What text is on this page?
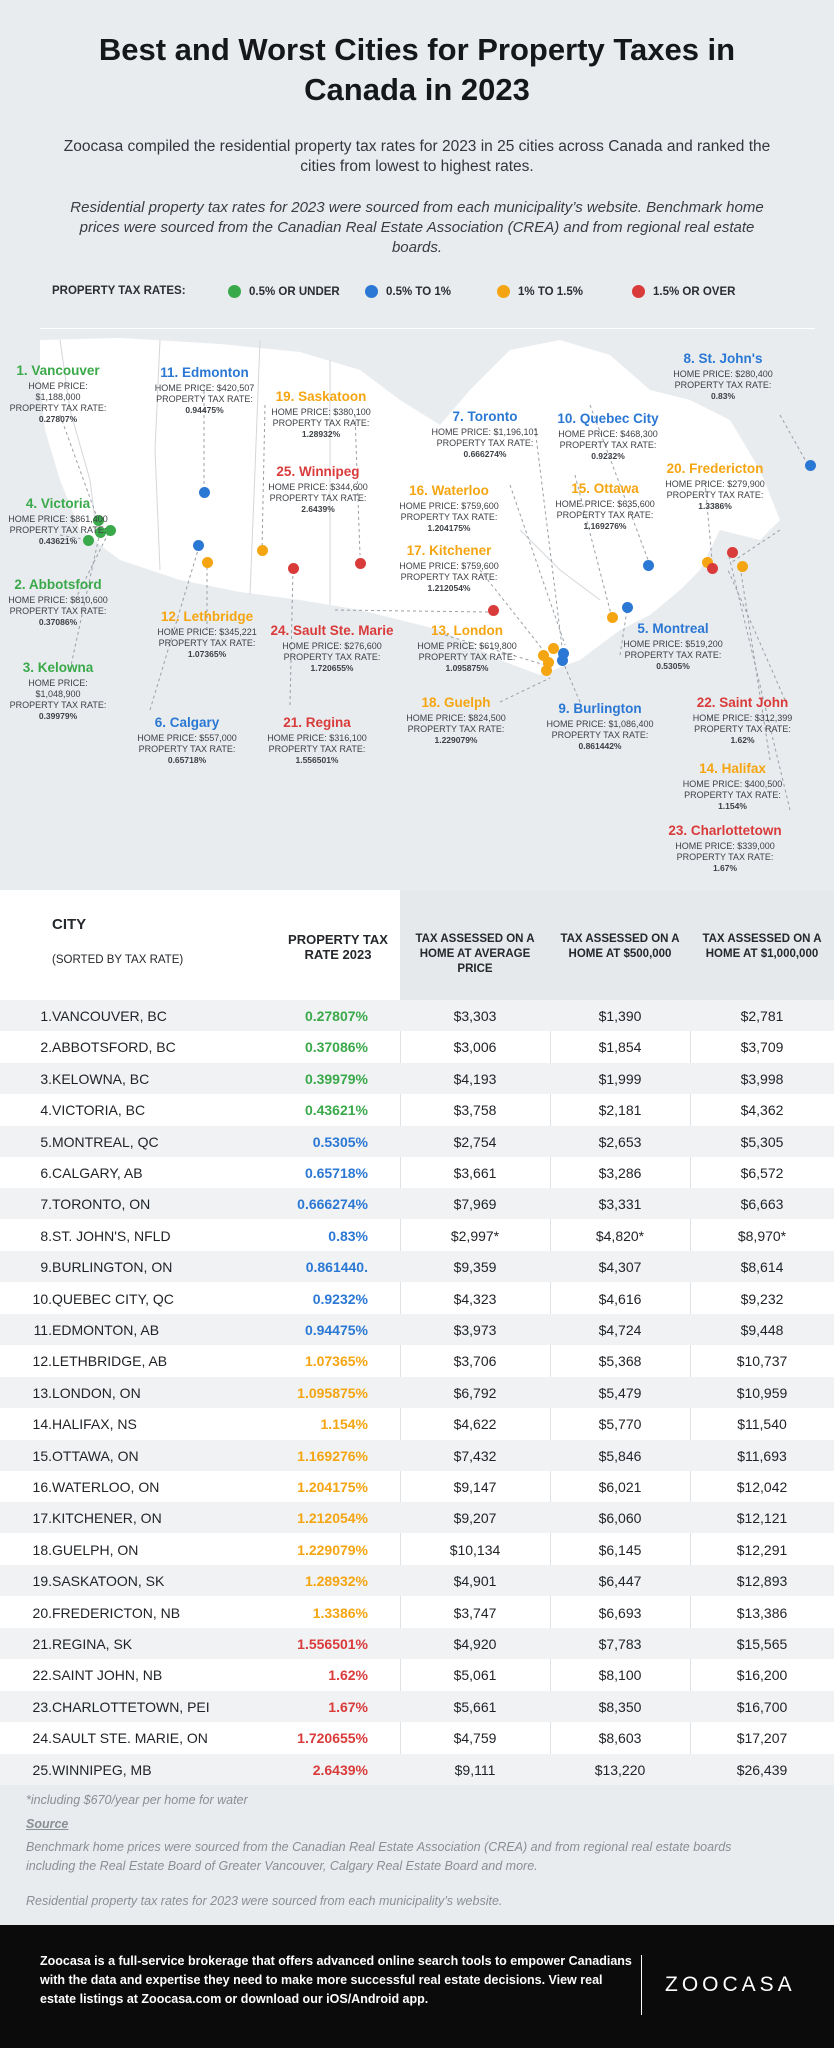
Best and Worst Cities for Property Taxes in Canada in 2023
Zoocasa compiled the residential property tax rates for 2023 in 25 cities across Canada and ranked the cities from lowest to highest rates.
Residential property tax rates for 2023 were sourced from each municipality’s website. Benchmark home prices were sourced from the Canadian Real Estate Association (CREA) and from regional real estate boards.
PROPERTY TAX RATES:	0.5% OR UNDER	0.5% TO 1%	1% TO 1.5%	1.5% OR OVER
1. Vancouver
HOME PRICE: $1,188,000
PROPERTY TAX RATE:
0.27807%
2. Abbotsford
HOME PRICE: $810,600
PROPERTY TAX RATE:
0.37086%
3. Kelowna
HOME PRICE: $1,048,900
PROPERTY TAX RATE:
0.39979%
4. Victoria
HOME PRICE: $861,400
PROPERTY TAX RATE:
0.43621%
5. Montreal
HOME PRICE: $519,200
PROPERTY TAX RATE:
0.5305%
6. Calgary
HOME PRICE: $557,000
PROPERTY TAX RATE:
0.65718%
7. Toronto
HOME PRICE: $1,196,101
PROPERTY TAX RATE:
0.666274%
8. St. John's
HOME PRICE: $280,400
PROPERTY TAX RATE:
0.83%
9. Burlington
HOME PRICE: $1,086,400
PROPERTY TAX RATE:
0.861442%
10. Quebec City
HOME PRICE: $468,300
PROPERTY TAX RATE:
0.9232%
11. Edmonton
HOME PRICE: $420,507
PROPERTY TAX RATE:
0.94475%
12. Lethbridge
HOME PRICE: $345,221
PROPERTY TAX RATE:
1.07365%
13. London
HOME PRICE: $619,800
PROPERTY TAX RATE:
1.095875%
14. Halifax
HOME PRICE: $400,500
PROPERTY TAX RATE:
1.154%
15. Ottawa
HOME PRICE: $635,600
PROPERTY TAX RATE:
1.169276%
16. Waterloo
HOME PRICE: $759,600
PROPERTY TAX RATE:
1.204175%
17. Kitchener
HOME PRICE: $759,600
PROPERTY TAX RATE:
1.212054%
18. Guelph
HOME PRICE: $824,500
PROPERTY TAX RATE:
1.229079%
19. Saskatoon
HOME PRICE: $380,100
PROPERTY TAX RATE:
1.28932%
20. Fredericton
HOME PRICE: $279,900
PROPERTY TAX RATE:
1.3386%
21. Regina
HOME PRICE: $316,100
PROPERTY TAX RATE:
1.556501%
22. Saint John
HOME PRICE: $312,399
PROPERTY TAX RATE:
1.62%
23. Charlottetown
HOME PRICE: $339,000
PROPERTY TAX RATE:
1.67%
24. Sault Ste. Marie
HOME PRICE: $276,600
PROPERTY TAX RATE:
1.720655%
25. Winnipeg
HOME PRICE: $344,600
PROPERTY TAX RATE:
2.6439%
CITY
(SORTED BY TAX RATE)
PROPERTY TAX RATE 2023
TAX ASSESSED ON A HOME AT AVERAGE PRICE
TAX ASSESSED ON A HOME AT $500,000
TAX ASSESSED ON A HOME AT $1,000,000
1. VANCOUVER, BC	0.27807%	$3,303	$1,390	$2,781
2. ABBOTSFORD, BC	0.37086%	$3,006	$1,854	$3,709
3. KELOWNA, BC	0.39979%	$4,193	$1,999	$3,998
4. VICTORIA, BC	0.43621%	$3,758	$2,181	$4,362
5. MONTREAL, QC	0.5305%	$2,754	$2,653	$5,305
6. CALGARY, AB	0.65718%	$3,661	$3,286	$6,572
7. TORONTO, ON	0.666274%	$7,969	$3,331	$6,663
8. ST. JOHN'S, NFLD	0.83%	$2,997*	$4,820*	$8,970*
9. BURLINGTON, ON	0.861440.	$9,359	$4,307	$8,614
10. QUEBEC CITY, QC	0.9232%	$4,323	$4,616	$9,232
11. EDMONTON, AB	0.94475%	$3,973	$4,724	$9,448
12. LETHBRIDGE, AB	1.07365%	$3,706	$5,368	$10,737
13. LONDON, ON	1.095875%	$6,792	$5,479	$10,959
14. HALIFAX, NS	1.154%	$4,622	$5,770	$11,540
15. OTTAWA, ON	1.169276%	$7,432	$5,846	$11,693
16. WATERLOO, ON	1.204175%	$9,147	$6,021	$12,042
17. KITCHENER, ON	1.212054%	$9,207	$6,060	$12,121
18. GUELPH, ON	1.229079%	$10,134	$6,145	$12,291
19. SASKATOON, SK	1.28932%	$4,901	$6,447	$12,893
20. FREDERICTON, NB	1.3386%	$3,747	$6,693	$13,386
21. REGINA, SK	1.556501%	$4,920	$7,783	$15,565
22. SAINT JOHN, NB	1.62%	$5,061	$8,100	$16,200
23. CHARLOTTETOWN, PEI	1.67%	$5,661	$8,350	$16,700
24. SAULT STE. MARIE, ON	1.720655%	$4,759	$8,603	$17,207
25. WINNIPEG, MB	2.6439%	$9,111	$13,220	$26,439
*including $670/year per home for water
Source
Benchmark home prices were sourced from the Canadian Real Estate Association (CREA) and from regional real estate boards including the Real Estate Board of Greater Vancouver, Calgary Real Estate Board and more.
Residential property tax rates for 2023 were sourced from each municipality’s website.
Zoocasa is a full-service brokerage that offers advanced online search tools to empower Canadians with the data and expertise they need to make more successful real estate decisions. View real estate listings at Zoocasa.com or download our iOS/Android app.
ZOOCASA
